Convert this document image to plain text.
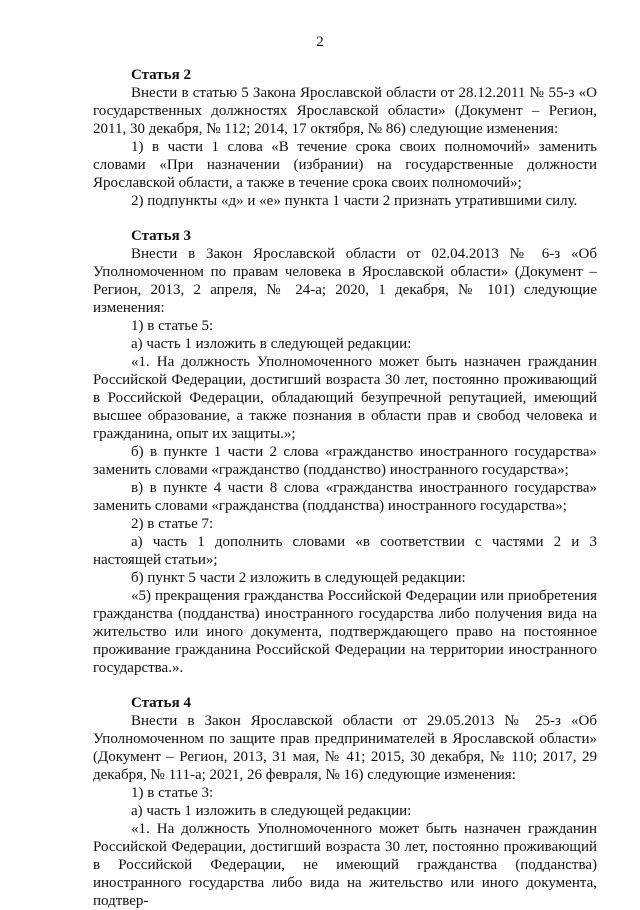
2

Статья 2

Внести в статью 5 Закона Ярославской области от 28.12.2011 № 55-з «О государственных должностях Ярославской области» (Документ – Регион, 2011, 30 декабря, № 112; 2014, 17 октября, № 86) следующие изменения:

1) в части 1 слова «В течение срока своих полномочий» заменить словами «При назначении (избрании) на государственные должности Ярославской области, а также в течение срока своих полномочий»;

2) подпункты «д» и «е» пункта 1 части 2 признать утратившими силу.

Статья 3

Внести в Закон Ярославской области от 02.04.2013 № 6-з «Об Уполномоченном по правам человека в Ярославской области» (Документ – Регион, 2013, 2 апреля, № 24-а; 2020, 1 декабря, № 101) следующие изменения:

1) в статье 5:

а) часть 1 изложить в следующей редакции:

«1. На должность Уполномоченного может быть назначен гражданин Российской Федерации, достигший возраста 30 лет, постоянно проживающий в Российской Федерации, обладающий безупречной репутацией, имеющий высшее образование, а также познания в области прав и свобод человека и гражданина, опыт их защиты.»;

б) в пункте 1 части 2 слова «гражданство иностранного государства» заменить словами «гражданство (подданство) иностранного государства»;

в) в пункте 4 части 8 слова «гражданства иностранного государства» заменить словами «гражданства (подданства) иностранного государства»;

2) в статье 7:

а) часть 1 дополнить словами «в соответствии с частями 2 и 3 настоящей статьи»;

б) пункт 5 части 2 изложить в следующей редакции:

«5) прекращения гражданства Российской Федерации или приобретения гражданства (подданства) иностранного государства либо получения вида на жительство или иного документа, подтверждающего право на постоянное проживание гражданина Российской Федерации на территории иностранного государства.».

Статья 4

Внести в Закон Ярославской области от 29.05.2013 № 25-з «Об Уполномоченном по защите прав предпринимателей в Ярославской области» (Документ – Регион, 2013, 31 мая, № 41; 2015, 30 декабря, № 110; 2017, 29 декабря, № 111-а; 2021, 26 февраля, № 16) следующие изменения:

1) в статье 3:

а) часть 1 изложить в следующей редакции:

«1. На должность Уполномоченного может быть назначен гражданин Российской Федерации, достигший возраста 30 лет, постоянно проживающий в Российской Федерации, не имеющий гражданства (подданства) иностранного государства либо вида на жительство или иного документа, подтвер-
